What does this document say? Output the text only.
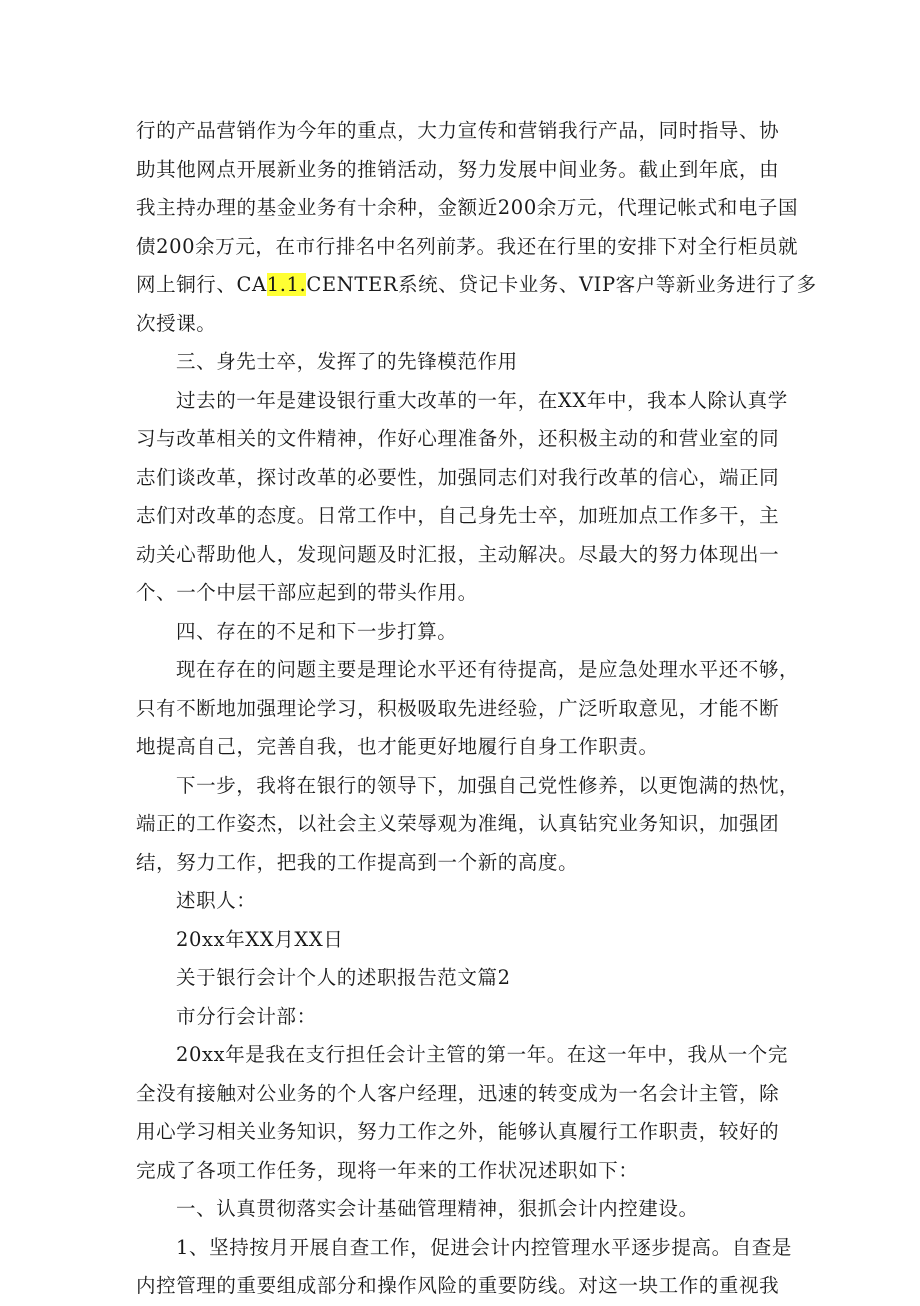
行的产品营销作为今年的重点，大力宣传和营销我行产品，同时指导、协
助其他网点开展新业务的推销活动，努力发展中间业务。截止到年底，由
我主持办理的基金业务有十余种，金额近200余万元，代理记帐式和电子国
债200余万元，在市行排名中名列前茅。我还在行里的安排下对全行柜员就
网上铜行、CA1.1.CENTER系统、贷记卡业务、VIP客户等新业务进行了多
次授课。
三、身先士卒，发挥了的先锋模范作用
过去的一年是建设银行重大改革的一年，在XX年中，我本人除认真学
习与改革相关的文件精神，作好心理准备外，还积极主动的和营业室的同
志们谈改革，探讨改革的必要性，加强同志们对我行改革的信心，端正同
志们对改革的态度。日常工作中，自己身先士卒，加班加点工作多干，主
动关心帮助他人，发现问题及时汇报，主动解决。尽最大的努力体现出一
个、一个中层干部应起到的带头作用。
四、存在的不足和下一步打算。
现在存在的问题主要是理论水平还有待提高，是应急处理水平还不够，
只有不断地加强理论学习，积极吸取先进经验，广泛听取意见，才能不断
地提高自己，完善自我，也才能更好地履行自身工作职责。
下一步，我将在银行的领导下，加强自己党性修养，以更饱满的热忱，
端正的工作姿杰，以社会主义荣辱观为准绳，认真钻究业务知识，加强团
结，努力工作，把我的工作提高到一个新的高度。
述职人：
20xx年XX月XX日
关于银行会计个人的述职报告范文篇2
市分行会计部：
20xx年是我在支行担任会计主管的第一年。在这一年中，我从一个完
全没有接触对公业务的个人客户经理，迅速的转变成为一名会计主管，除
用心学习相关业务知识，努力工作之外，能够认真履行工作职责，较好的
完成了各项工作任务，现将一年来的工作状况述职如下：
一、认真贯彻落实会计基础管理精神，狠抓会计内控建设。
1、坚持按月开展自查工作，促进会计内控管理水平逐步提高。自查是
内控管理的重要组成部分和操作风险的重要防线。对这一块工作的重视我
